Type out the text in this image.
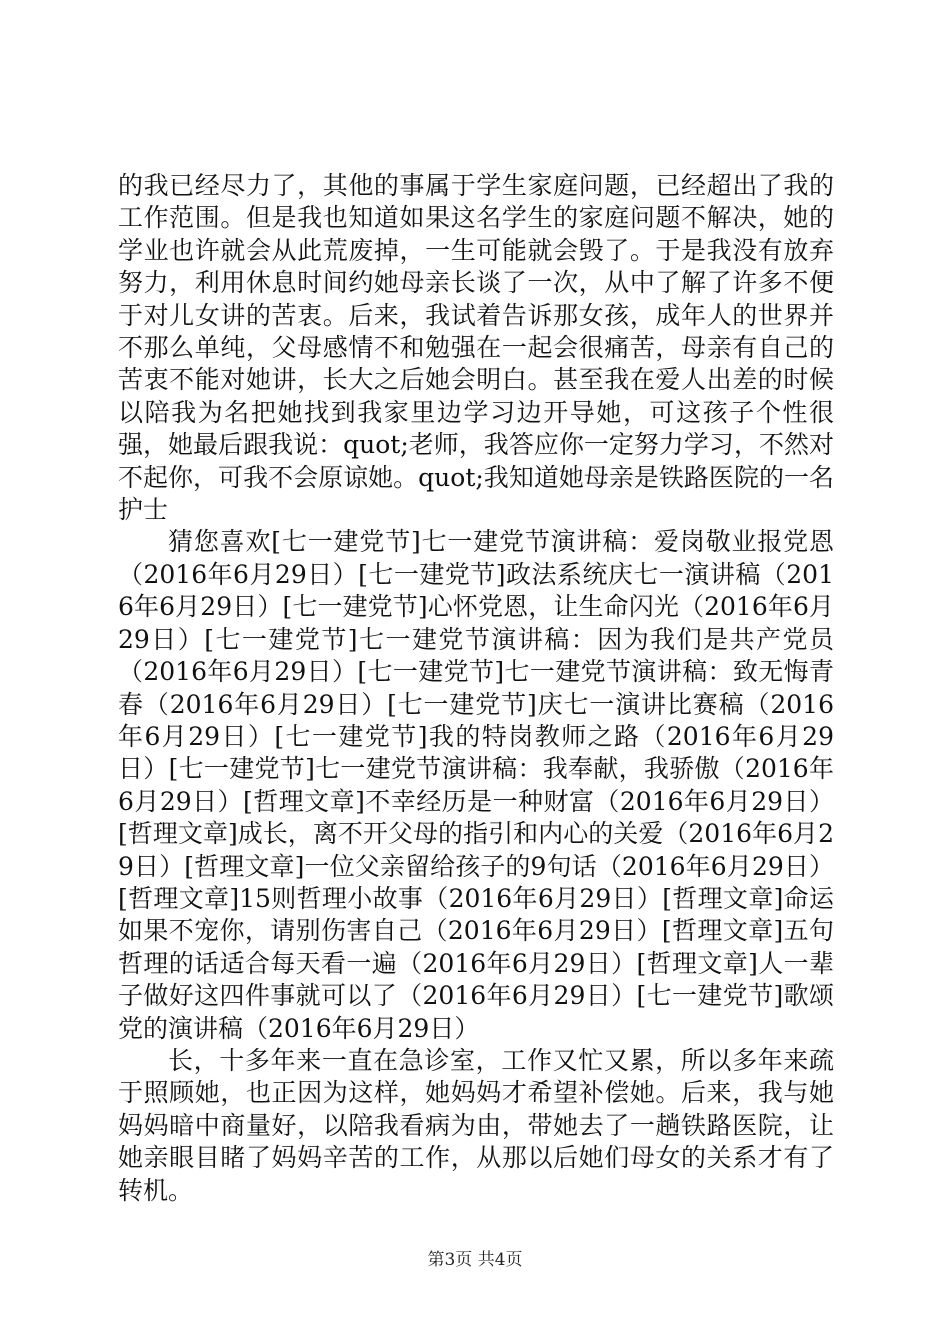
的我已经尽力了，其他的事属于学生家庭问题，已经超出了我的工作范围。但是我也知道如果这名学生的家庭问题不解决，她的学业也许就会从此荒废掉，一生可能就会毁了。于是我没有放弃努力，利用休息时间约她母亲长谈了一次，从中了解了许多不便于对儿女讲的苦衷。后来，我试着告诉那女孩，成年人的世界并不那么单纯，父母感情不和勉强在一起会很痛苦，母亲有自己的苦衷不能对她讲，长大之后她会明白。甚至我在爱人出差的时候以陪我为名把她找到我家里边学习边开导她，可这孩子个性很强，她最后跟我说：quot;老师，我答应你一定努力学习，不然对不起你，可我不会原谅她。quot;我知道她母亲是铁路医院的一名护士

猜您喜欢[七一建党节]七一建党节演讲稿：爱岗敬业报党恩（2016年6月29日）[七一建党节]政法系统庆七一演讲稿（2016年6月29日）[七一建党节]心怀党恩，让生命闪光（2016年6月29日）[七一建党节]七一建党节演讲稿：因为我们是共产党员（2016年6月29日）[七一建党节]七一建党节演讲稿：致无悔青春（2016年6月29日）[七一建党节]庆七一演讲比赛稿（2016年6月29日）[七一建党节]我的特岗教师之路（2016年6月29日）[七一建党节]七一建党节演讲稿：我奉献，我骄傲（2016年6月29日）[哲理文章]不幸经历是一种财富（2016年6月29日）[哲理文章]成长，离不开父母的指引和内心的关爱（2016年6月29日）[哲理文章]一位父亲留给孩子的9句话（2016年6月29日）[哲理文章]15则哲理小故事（2016年6月29日）[哲理文章]命运如果不宠你，请别伤害自己（2016年6月29日）[哲理文章]五句哲理的话适合每天看一遍（2016年6月29日）[哲理文章]人一辈子做好这四件事就可以了（2016年6月29日）[七一建党节]歌颂党的演讲稿（2016年6月29日）

长，十多年来一直在急诊室，工作又忙又累，所以多年来疏于照顾她，也正因为这样，她妈妈才希望补偿她。后来，我与她妈妈暗中商量好，以陪我看病为由，带她去了一趟铁路医院，让她亲眼目睹了妈妈辛苦的工作，从那以后她们母女的关系才有了转机。

第3页 共4页
